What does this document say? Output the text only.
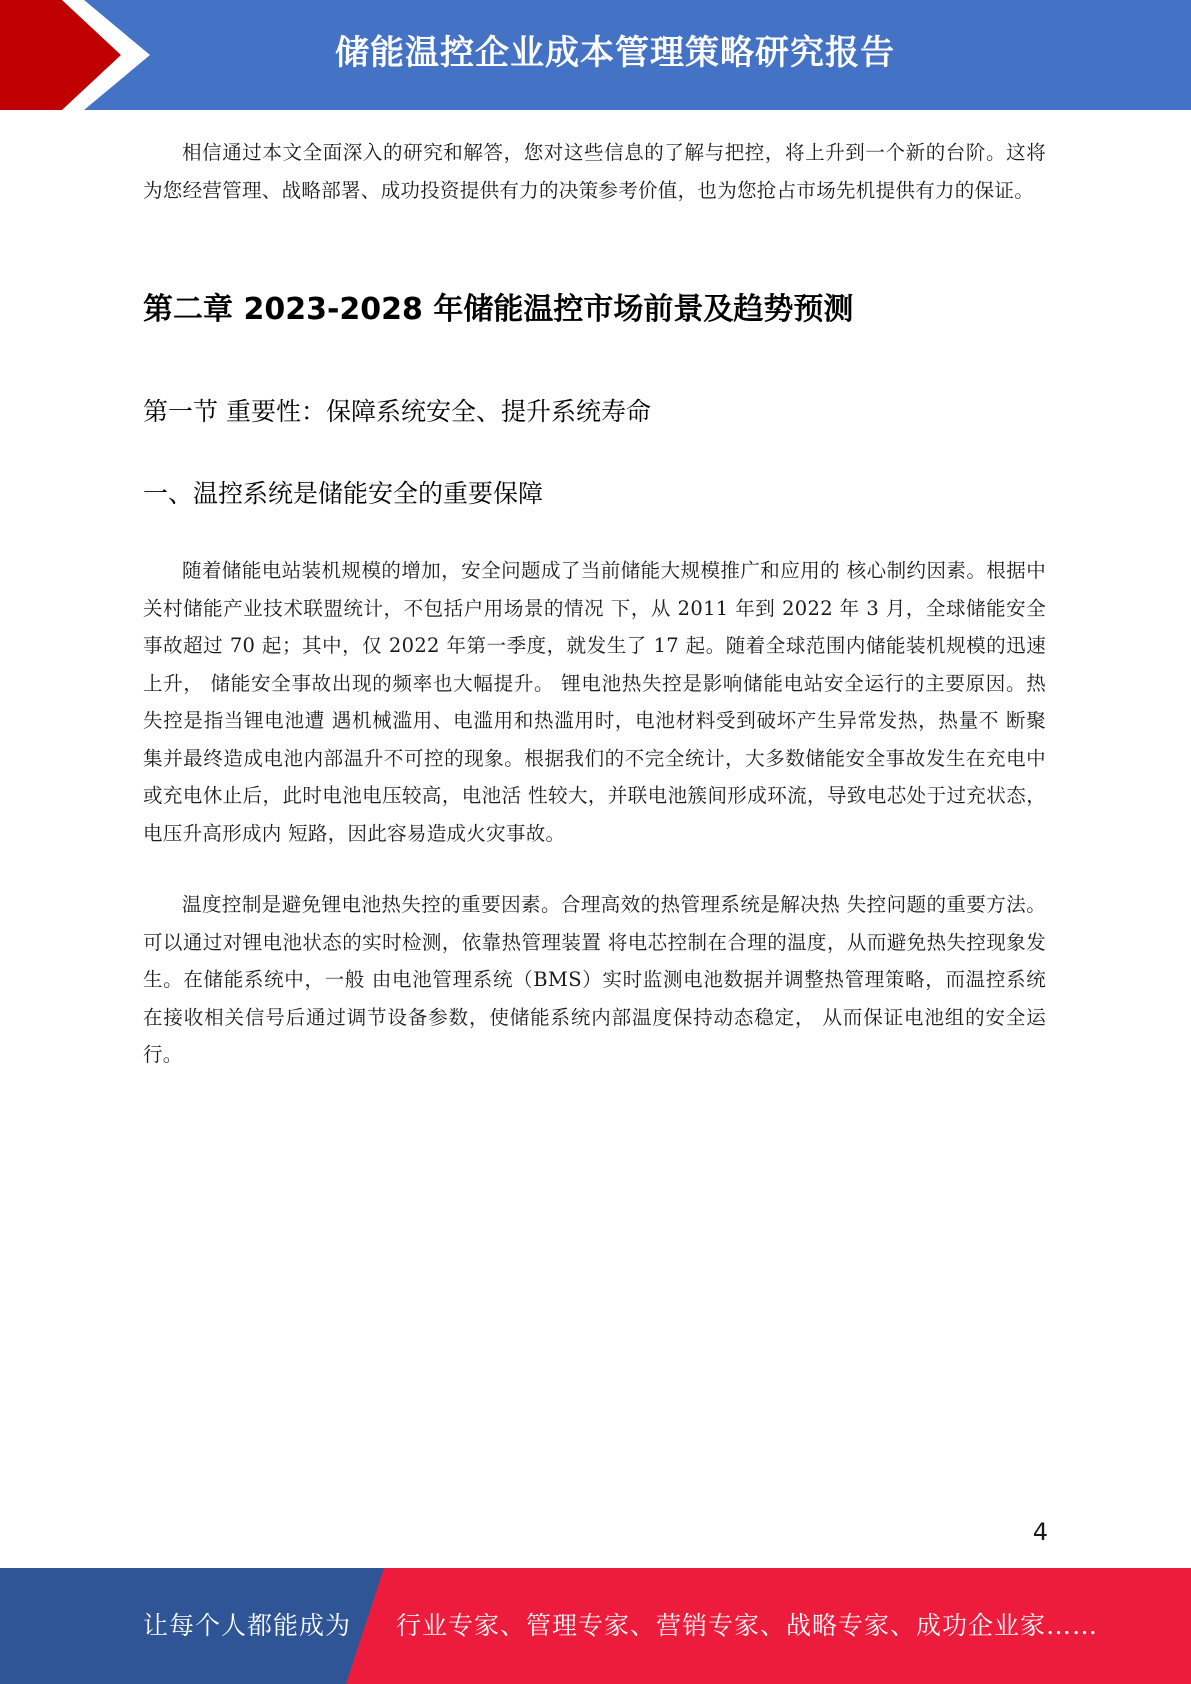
储能温控企业成本管理策略研究报告

相信通过本文全面深入的研究和解答，您对这些信息的了解与把控，将上升到一个新的台阶。这将为您经营管理、战略部署、成功投资提供有力的决策参考价值，也为您抢占市场先机提供有力的保证。

第二章 2023-2028 年储能温控市场前景及趋势预测
第一节 重要性：保障系统安全、提升系统寿命
一、温控系统是储能安全的重要保障

随着储能电站装机规模的增加，安全问题成了当前储能大规模推广和应用的 核心制约因素。根据中关村储能产业技术联盟统计，不包括户用场景的情况 下，从 2011 年到 2022 年 3 月，全球储能安全事故超过 70 起；其中，仅 2022 年第一季度，就发生了 17 起。随着全球范围内储能装机规模的迅速上升， 储能安全事故出现的频率也大幅提升。 锂电池热失控是影响储能电站安全运行的主要原因。热失控是指当锂电池遭 遇机械滥用、电滥用和热滥用时，电池材料受到破坏产生异常发热，热量不 断聚集并最终造成电池内部温升不可控的现象。根据我们的不完全统计，大多数储能安全事故发生在充电中或充电休止后，此时电池电压较高，电池活 性较大，并联电池簇间形成环流，导致电芯处于过充状态，电压升高形成内 短路，因此容易造成火灾事故。

温度控制是避免锂电池热失控的重要因素。合理高效的热管理系统是解决热 失控问题的重要方法。可以通过对锂电池状态的实时检测，依靠热管理装置 将电芯控制在合理的温度，从而避免热失控现象发生。在储能系统中，一般 由电池管理系统（BMS）实时监测电池数据并调整热管理策略，而温控系统 在接收相关信号后通过调节设备参数，使储能系统内部温度保持动态稳定， 从而保证电池组的安全运行。

4
让每个人都能成为 行业专家、管理专家、营销专家、战略专家、成功企业家……
